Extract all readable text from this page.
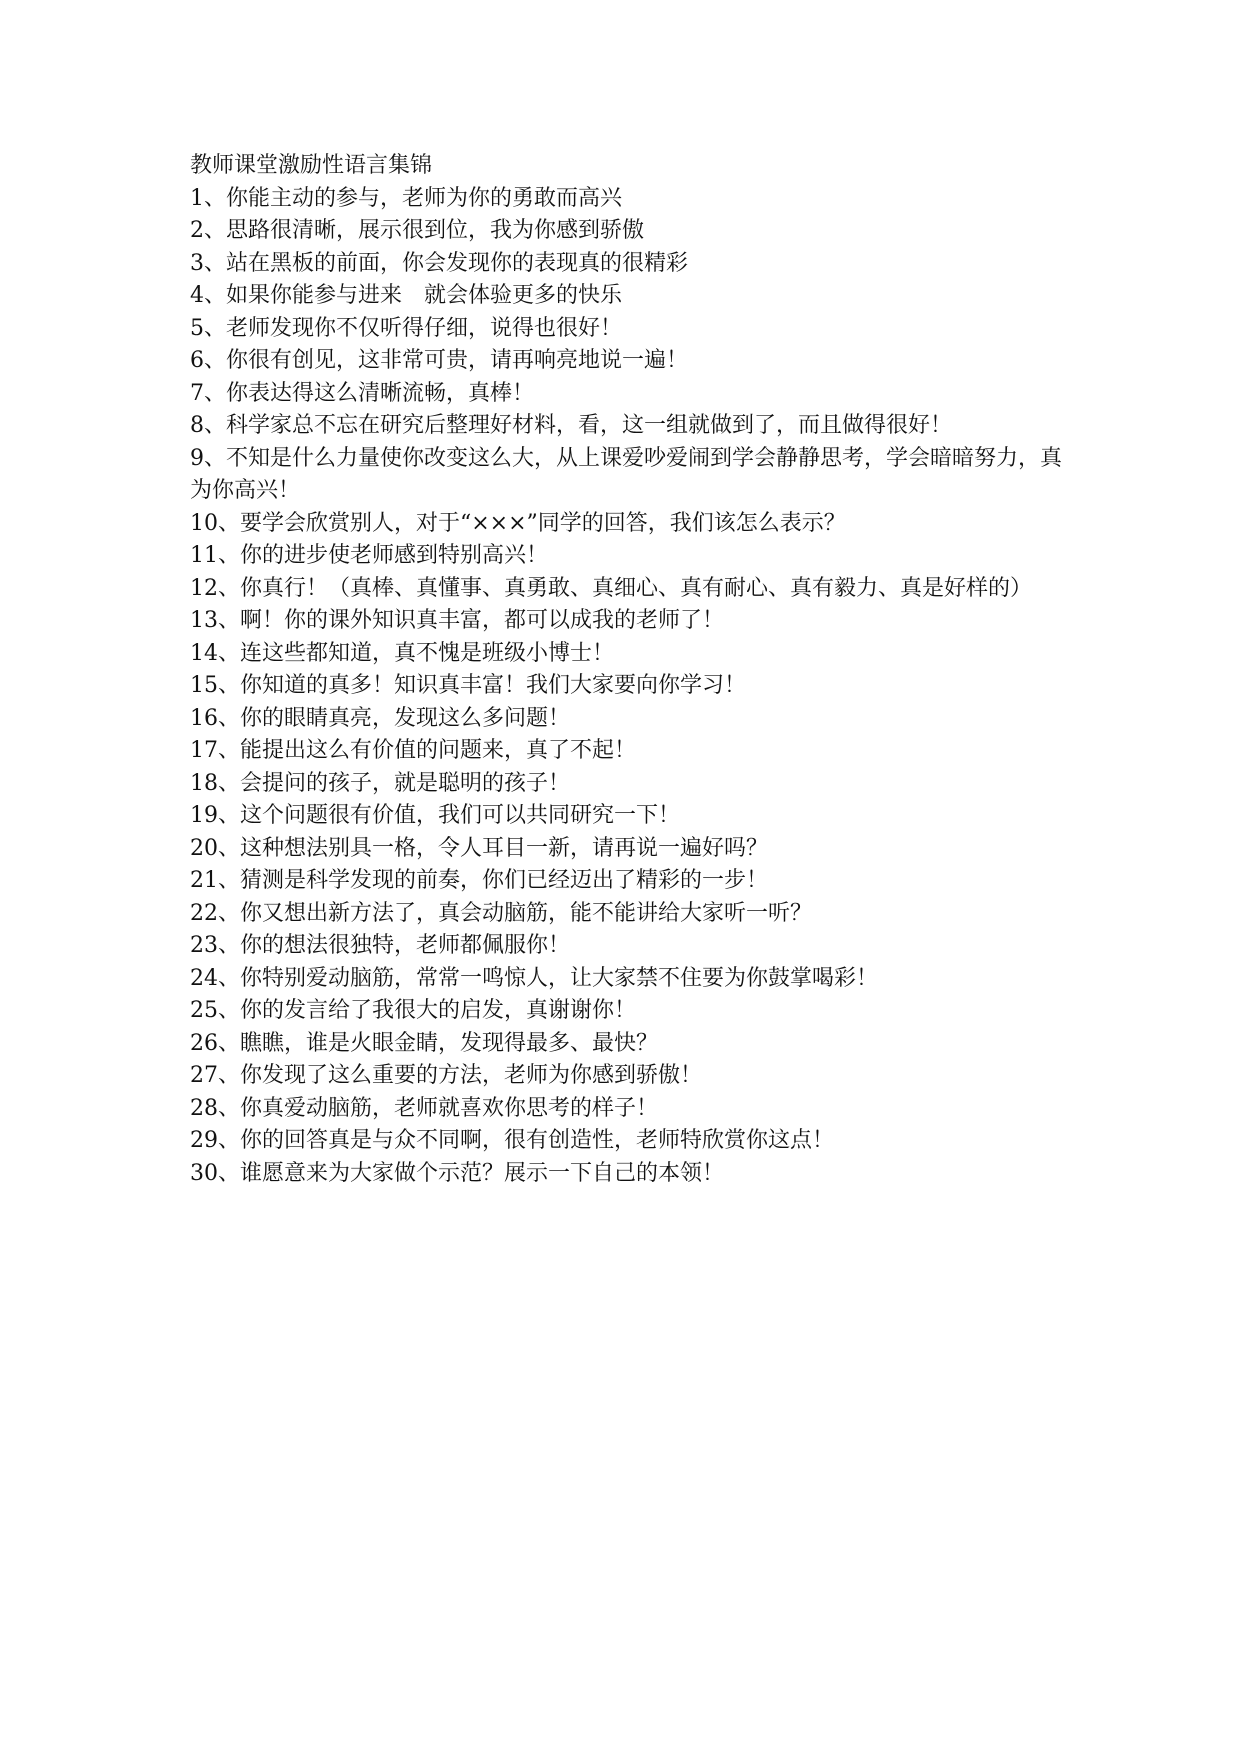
教师课堂激励性语言集锦
1、你能主动的参与，老师为你的勇敢而高兴
2、思路很清晰，展示很到位，我为你感到骄傲
3、站在黑板的前面，你会发现你的表现真的很精彩
4、如果你能参与进来　就会体验更多的快乐
5、老师发现你不仅听得仔细，说得也很好！
6、你很有创见，这非常可贵，请再响亮地说一遍！
7、你表达得这么清晰流畅，真棒！
8、科学家总不忘在研究后整理好材料，看，这一组就做到了，而且做得很好！
9、不知是什么力量使你改变这么大，从上课爱吵爱闹到学会静静思考，学会暗暗努力，真为你高兴！
10、要学会欣赏别人，对于“×××”同学的回答，我们该怎么表示？
11、你的进步使老师感到特别高兴！
12、你真行！（真棒、真懂事、真勇敢、真细心、真有耐心、真有毅力、真是好样的）
13、啊！你的课外知识真丰富，都可以成我的老师了！
14、连这些都知道，真不愧是班级小博士！
15、你知道的真多！知识真丰富！我们大家要向你学习！
16、你的眼睛真亮，发现这么多问题！
17、能提出这么有价值的问题来，真了不起！
18、会提问的孩子，就是聪明的孩子！
19、这个问题很有价值，我们可以共同研究一下！
20、这种想法别具一格，令人耳目一新，请再说一遍好吗？
21、猜测是科学发现的前奏，你们已经迈出了精彩的一步！
22、你又想出新方法了，真会动脑筋，能不能讲给大家听一听？
23、你的想法很独特，老师都佩服你！
24、你特别爱动脑筋，常常一鸣惊人，让大家禁不住要为你鼓掌喝彩！
25、你的发言给了我很大的启发，真谢谢你！
26、瞧瞧，谁是火眼金睛，发现得最多、最快？
27、你发现了这么重要的方法，老师为你感到骄傲！
28、你真爱动脑筋，老师就喜欢你思考的样子！
29、你的回答真是与众不同啊，很有创造性，老师特欣赏你这点！
30、谁愿意来为大家做个示范？展示一下自己的本领！
